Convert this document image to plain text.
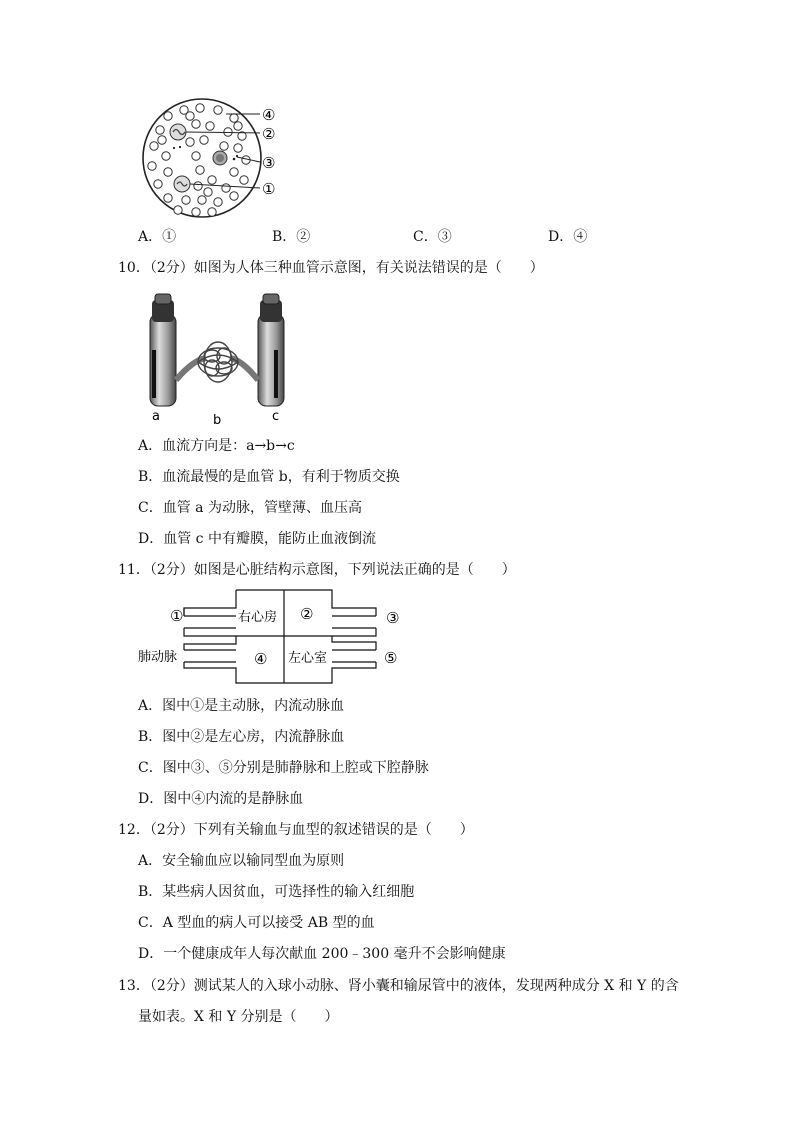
④
②
③
①
A．①	B．②	C．③	D．④
10．（2分）如图为人体三种血管示意图，有关说法错误的是（　　）
a	b	c
A．血流方向是：a→b→c
B．血流最慢的是血管 b，有利于物质交换
C．血管 a 为动脉，管壁薄、血压高
D．血管 c 中有瓣膜，能防止血液倒流
11．（2分）如图是心脏结构示意图，下列说法正确的是（　　）
①	右心房 ②	③
肺动脉	④ 左心室	⑤
A．图中①是主动脉，内流动脉血
B．图中②是左心房，内流静脉血
C．图中③、⑤分别是肺静脉和上腔或下腔静脉
D．图中④内流的是静脉血
12．（2分）下列有关输血与血型的叙述错误的是（　　）
A．安全输血应以输同型血为原则
B．某些病人因贫血，可选择性的输入红细胞
C．A 型血的病人可以接受 AB 型的血
D．一个健康成年人每次献血 200﹣300 毫升不会影响健康
13．（2分）测试某人的入球小动脉、肾小囊和输尿管中的液体，发现两种成分 X 和 Y 的含
量如表。X 和 Y 分别是（　　）
